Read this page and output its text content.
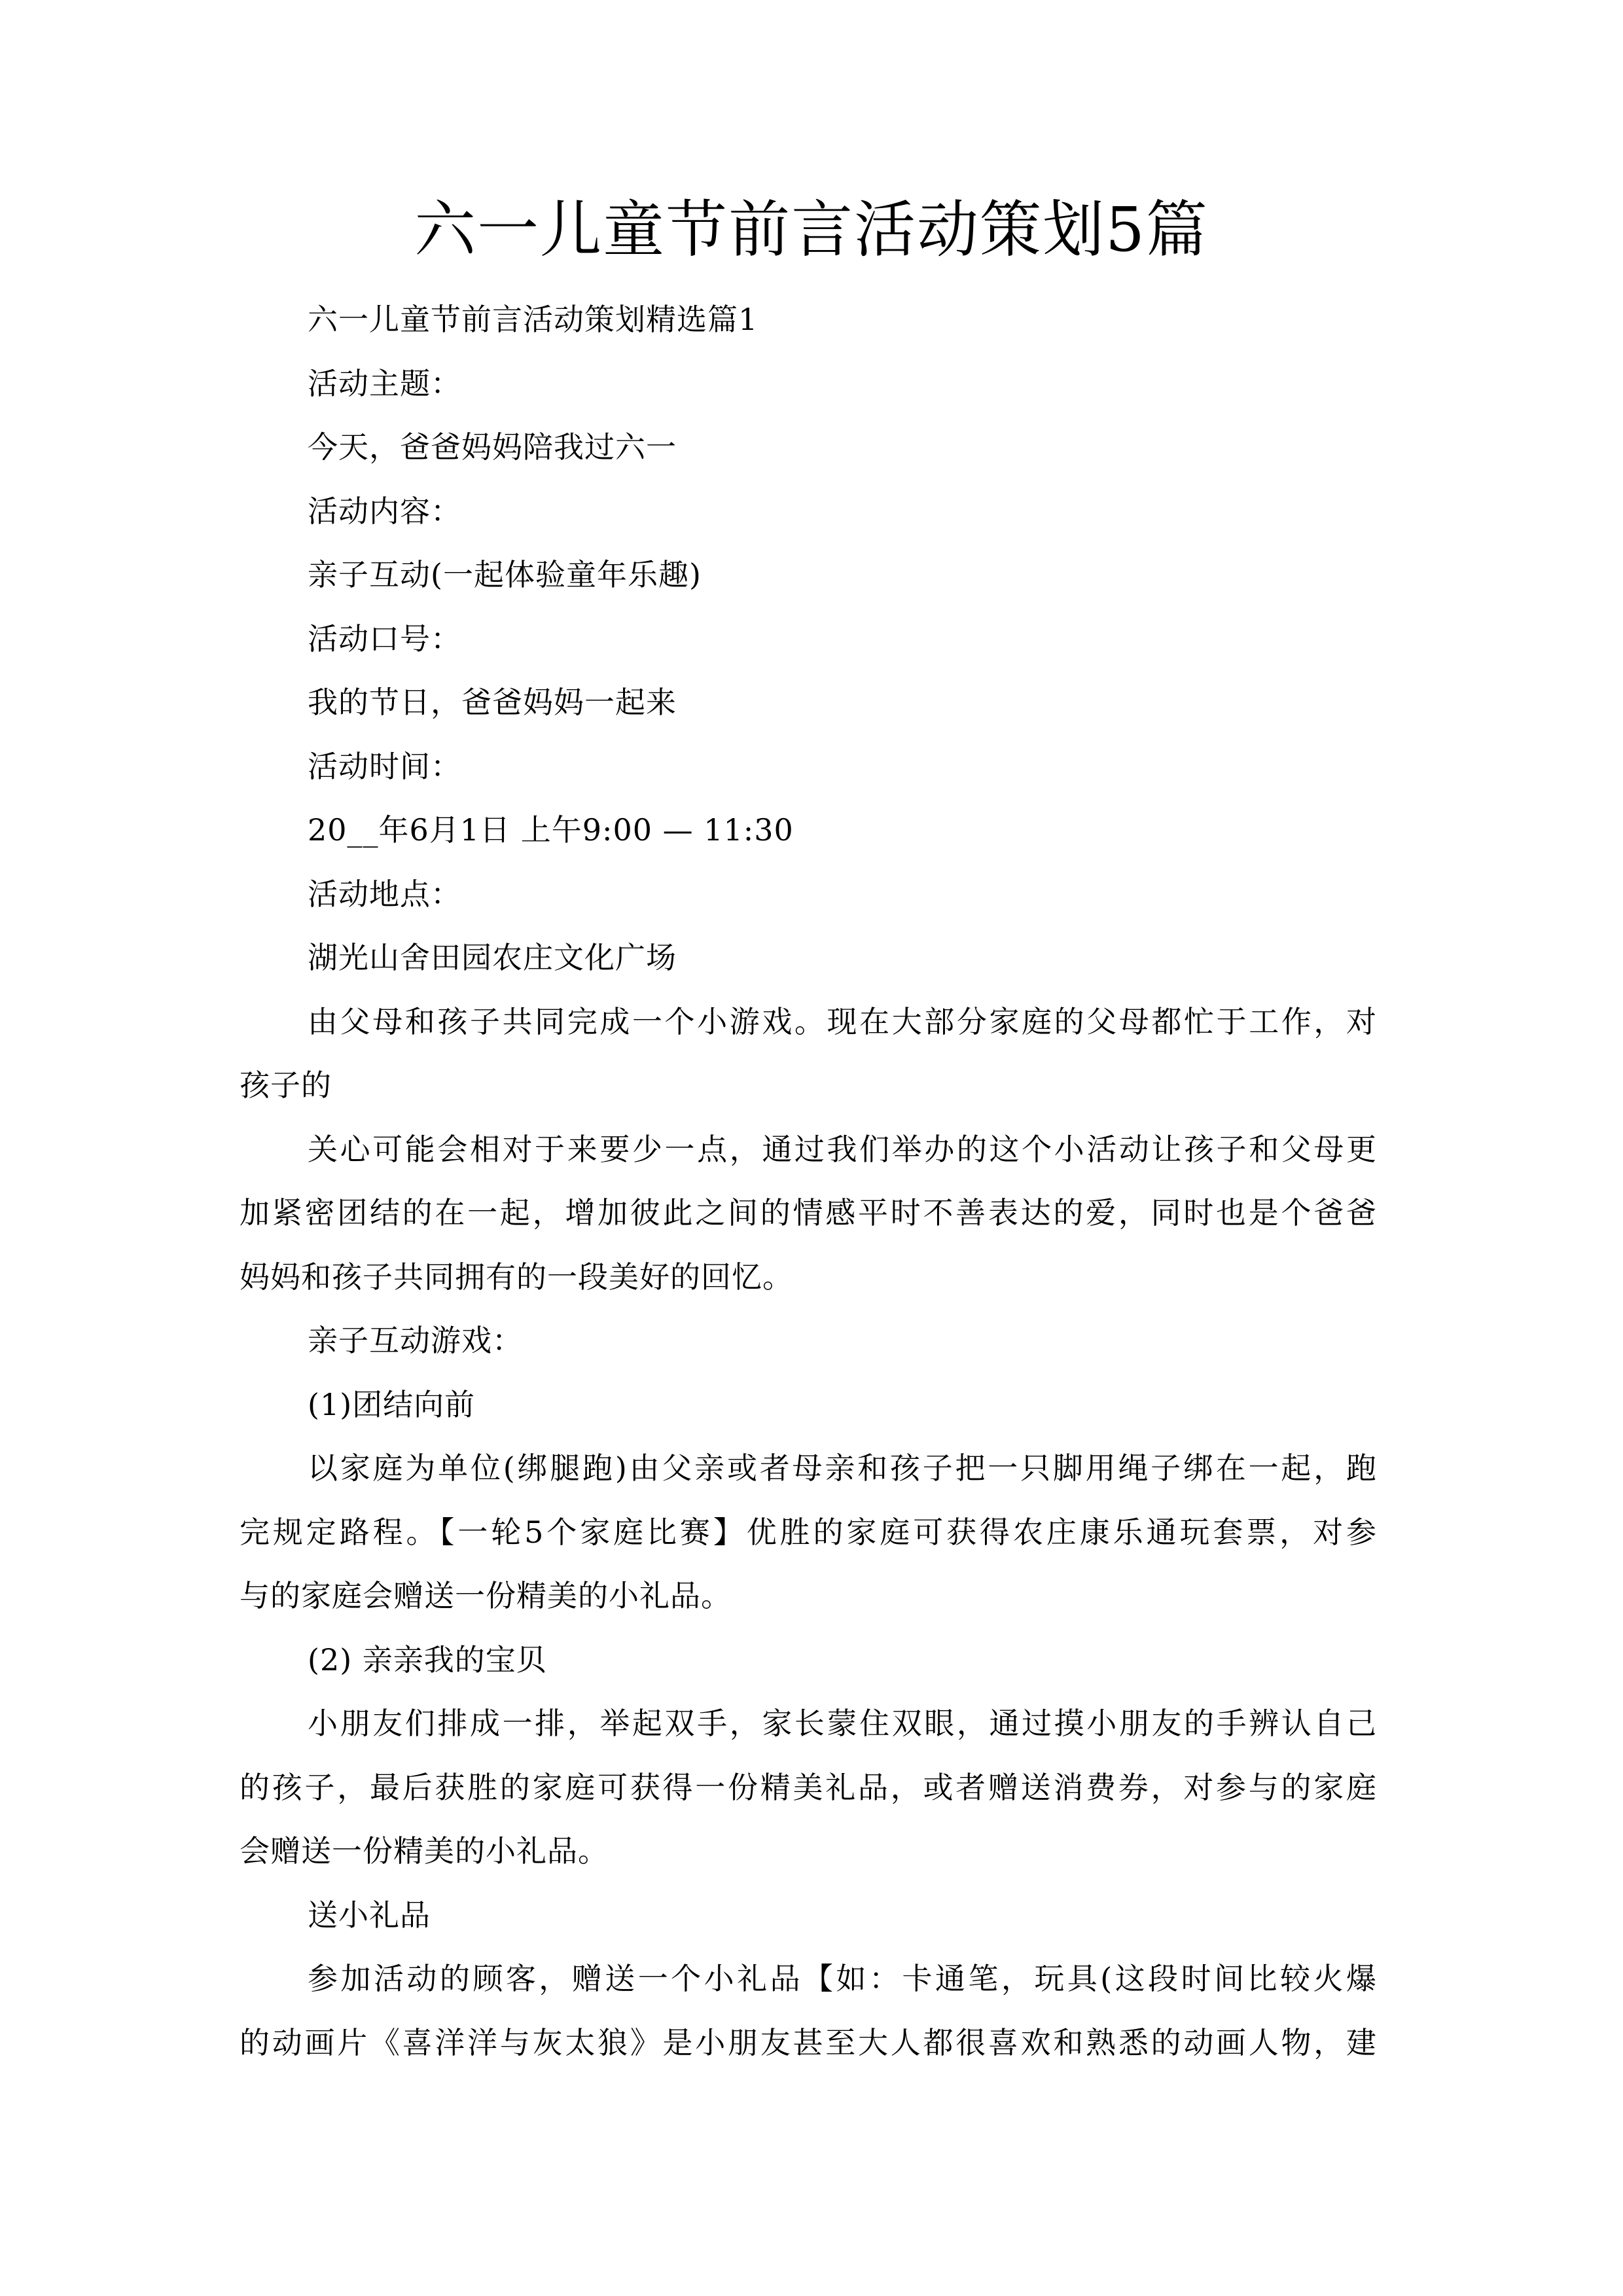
六一儿童节前言活动策划5篇

六一儿童节前言活动策划精选篇1

活动主题：

今天，爸爸妈妈陪我过六一

活动内容：

亲子互动(一起体验童年乐趣)

活动口号：

我的节日，爸爸妈妈一起来

活动时间：

20__年6月1日 上午9:00 — 11:30

活动地点：

湖光山舍田园农庄文化广场

由父母和孩子共同完成一个小游戏。现在大部分家庭的父母都忙于工作，对

孩子的

关心可能会相对于来要少一点，通过我们举办的这个小活动让孩子和父母更

加紧密团结的在一起，增加彼此之间的情感平时不善表达的爱，同时也是个爸爸

妈妈和孩子共同拥有的一段美好的回忆。

亲子互动游戏：

(1)团结向前

以家庭为单位(绑腿跑)由父亲或者母亲和孩子把一只脚用绳子绑在一起，跑

完规定路程。【一轮5个家庭比赛】优胜的家庭可获得农庄康乐通玩套票，对参

与的家庭会赠送一份精美的小礼品。

(2) 亲亲我的宝贝

小朋友们排成一排，举起双手，家长蒙住双眼，通过摸小朋友的手辨认自己

的孩子，最后获胜的家庭可获得一份精美礼品，或者赠送消费券，对参与的家庭

会赠送一份精美的小礼品。

送小礼品

参加活动的顾客，赠送一个小礼品【如：卡通笔，玩具(这段时间比较火爆

的动画片《喜洋洋与灰太狼》是小朋友甚至大人都很喜欢和熟悉的动画人物，建
